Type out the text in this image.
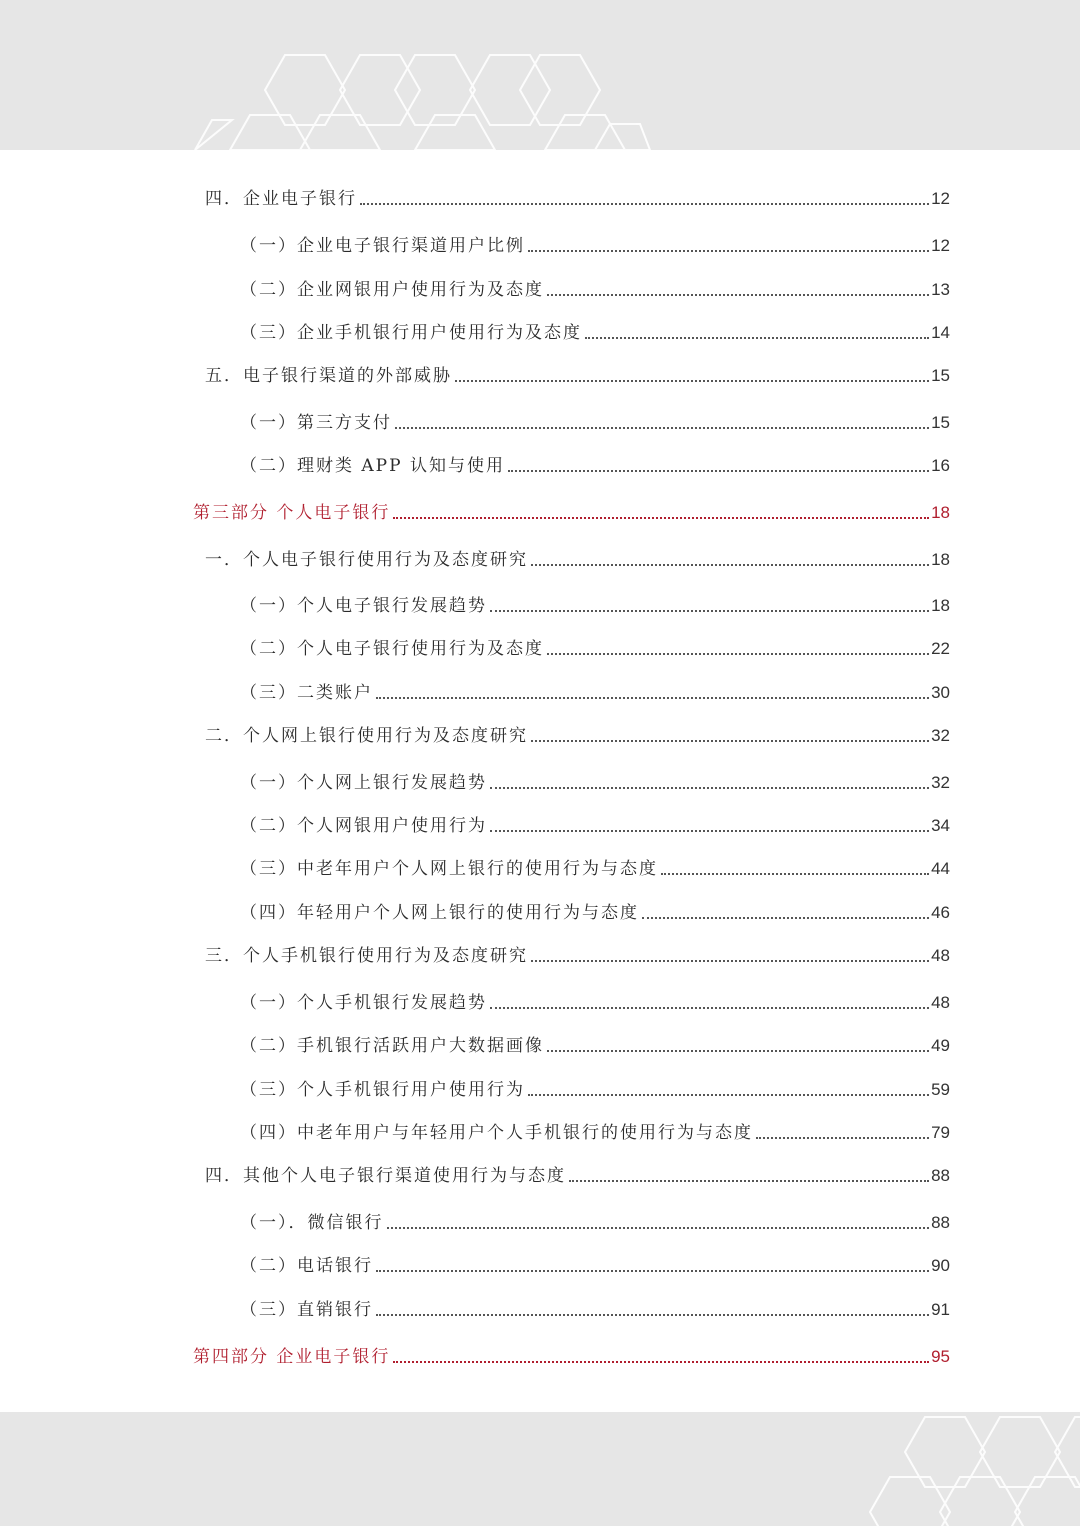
四．企业电子银行	12
（一）企业电子银行渠道用户比例	12
（二）企业网银用户使用行为及态度	13
（三）企业手机银行用户使用行为及态度	14
五．电子银行渠道的外部威胁	15
（一）第三方支付	15
（二）理财类 APP 认知与使用	16
第三部分 个人电子银行	18
一．个人电子银行使用行为及态度研究	18
（一）个人电子银行发展趋势	18
（二）个人电子银行使用行为及态度	22
（三）二类账户	30
二．个人网上银行使用行为及态度研究	32
（一）个人网上银行发展趋势	32
（二）个人网银用户使用行为	34
（三）中老年用户个人网上银行的使用行为与态度	44
（四）年轻用户个人网上银行的使用行为与态度	46
三．个人手机银行使用行为及态度研究	48
（一）个人手机银行发展趋势	48
（二）手机银行活跃用户大数据画像	49
（三）个人手机银行用户使用行为	59
（四）中老年用户与年轻用户个人手机银行的使用行为与态度	79
四．其他个人电子银行渠道使用行为与态度	88
（一）．微信银行	88
（二）电话银行	90
（三）直销银行	91
第四部分 企业电子银行	95
